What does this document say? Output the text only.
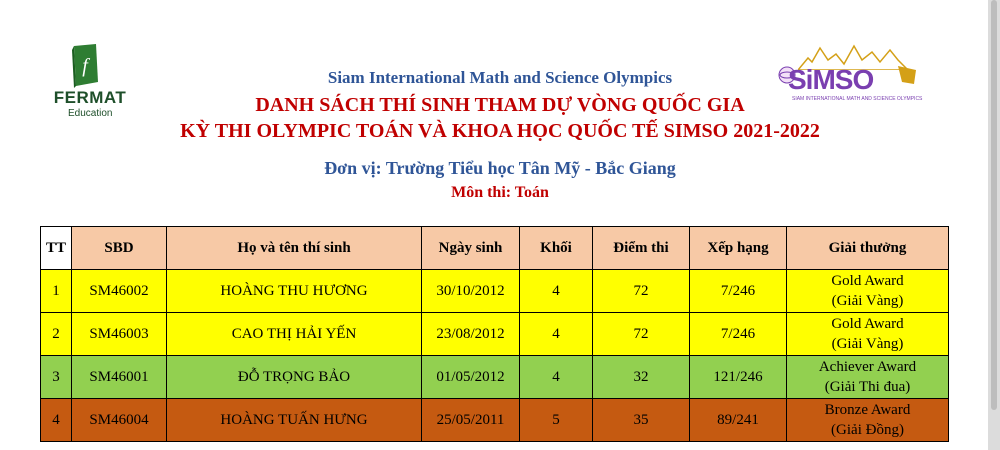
f
FERMAT
Education
SiMSO
SIAM INTERNATIONAL MATH AND SCIENCE OLYMPICS
Siam International Math and Science Olympics
DANH SÁCH THÍ SINH THAM DỰ VÒNG QUỐC GIA
KỲ THI OLYMPIC TOÁN VÀ KHOA HỌC QUỐC TẾ SIMSO 2021-2022
Đơn vị: Trường Tiểu học Tân Mỹ - Bắc Giang
Môn thi: Toán
TT	SBD	Họ và tên thí sinh	Ngày sinh	Khối	Điểm thi	Xếp hạng	Giải thưởng
1	SM46002	HOÀNG THU HƯƠNG	30/10/2012	4	72	7/246	Gold Award
(Giải Vàng)

2	SM46003	CAO THỊ HẢI YẾN	23/08/2012	4	72	7/246	Gold Award
(Giải Vàng)

3	SM46001	ĐỖ TRỌNG BẢO	01/05/2012	4	32	121/246	Achiever Award
(Giải Thi đua)

4	SM46004	HOÀNG TUẤN HƯNG	25/05/2011	5	35	89/241	Bronze Award
(Giải Đồng)
